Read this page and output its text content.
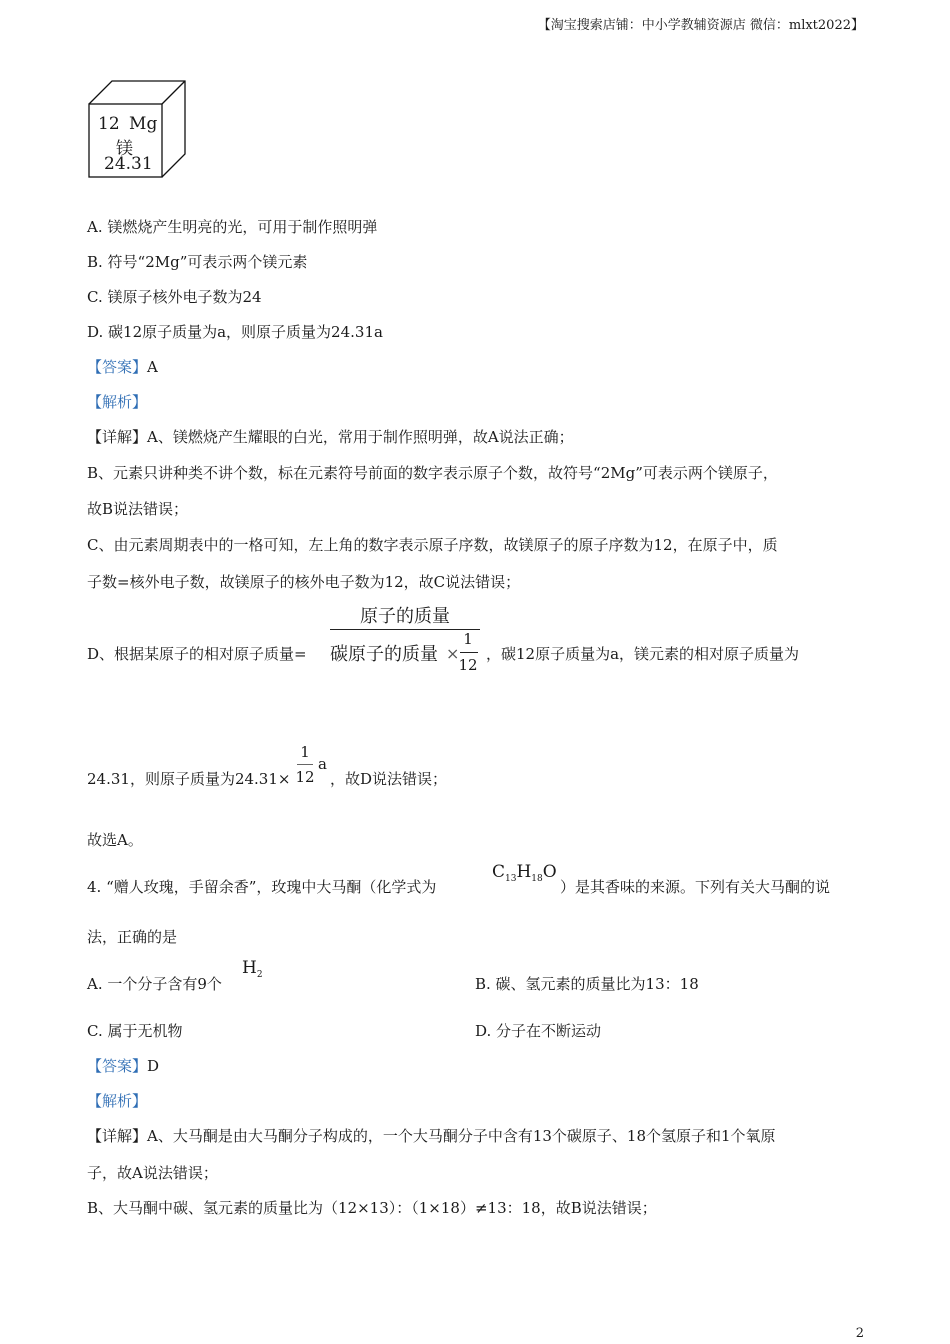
【淘宝搜索店铺：中小学教辅资源店 微信：mlxt2022】
12 Mg
镁
24.31
A. 镁燃烧产生明亮的光，可用于制作照明弹
B. 符号“2Mg”可表示两个镁元素
C. 镁原子核外电子数为24
D. 碳12原子质量为a，则原子质量为24.31a
【答案】A
【解析】
【详解】A、镁燃烧产生耀眼的白光，常用于制作照明弹，故A说法正确；
B、元素只讲种类不讲个数，标在元素符号前面的数字表示原子个数，故符号“2Mg”可表示两个镁原子，
故B说法错误；
C、由元素周期表中的一格可知，左上角的数字表示原子序数，故镁原子的原子序数为12，在原子中，质
子数=核外电子数，故镁原子的核外电子数为12，故C说法错误；
D、根据某原子的相对原子质量=
原子的质量
碳原子的质量 ×
1
12
，碳12原子质量为a，镁元素的相对原子质量为
24.31，则原子质量为24.31×
1
12
a
，故D说法错误；
故选A。
4. “赠人玫瑰，手留余香”，玫瑰中大马酮（化学式为
$C_{13}H_{18}O$
）是其香味的来源。下列有关大马酮的说
法，正确的是
A. 一个分子含有9个
$H_2$	B. 碳、氢元素的质量比为13：18
C. 属于无机物	D. 分子在不断运动
【答案】D
【解析】
【详解】A、大马酮是由大马酮分子构成的，一个大马酮分子中含有13个碳原子、18个氢原子和1个氧原
子，故A说法错误；
B、大马酮中碳、氢元素的质量比为（12×13）：（1×18）≠13：18，故B说法错误；
2
